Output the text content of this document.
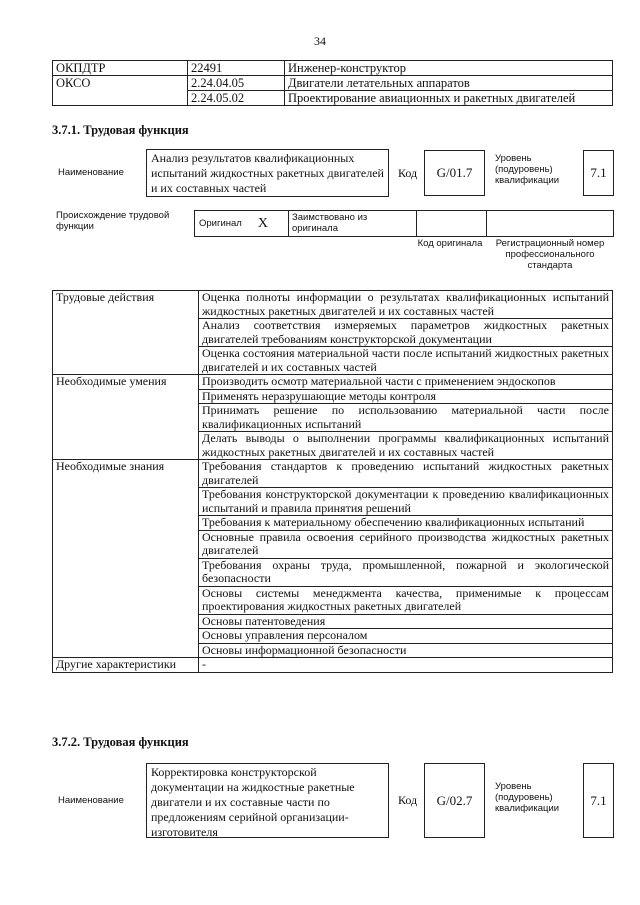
34
ОКПДТР	22491	Инженер-конструктор
ОКСО	2.24.04.05	Двигатели летательных аппаратов
	2.24.05.02	Проектирование авиационных и ракетных двигателей
3.7.1. Трудовая функция
Наименование
Анализ результатов квалификационных испытаний жидкостных ракетных двигателей и их составных частей
Код	G/01.7
Уровень (подуровень) квалификации
7.1
Происхождение трудовой функции	Оригинал X	Заимствовано из оригинала
Код оригинала	Регистрационный номер профессионального стандарта
Трудовые действия	Оценка полноты информации о результатах квалификационных испытаний жидкостных ракетных двигателей и их составных частей
	Анализ соответствия измеряемых параметров жидкостных ракетных двигателей требованиям конструкторской документации
	Оценка состояния материальной части после испытаний жидкостных ракетных двигателей и их составных частей
Необходимые умения	Производить осмотр материальной части с применением эндоскопов
	Применять неразрушающие методы контроля
	Принимать решение по использованию материальной части после квалификационных испытаний
	Делать выводы о выполнении программы квалификационных испытаний жидкостных ракетных двигателей и их составных частей
Необходимые знания	Требования стандартов к проведению испытаний жидкостных ракетных двигателей
	Требования конструкторской документации к проведению квалификационных испытаний и правила принятия решений
	Требования к материальному обеспечению квалификационных испытаний
	Основные правила освоения серийного производства жидкостных ракетных двигателей
	Требования охраны труда, промышленной, пожарной и экологической безопасности
	Основы системы менеджмента качества, применимые к процессам проектирования жидкостных ракетных двигателей
	Основы патентоведения
	Основы управления персоналом
	Основы информационной безопасности
Другие характеристики	-
3.7.2. Трудовая функция
Наименование
Корректировка конструкторской документации на жидкостные ракетные двигатели и их составные части по предложениям серийной организации-изготовителя
Код	G/02.7
Уровень (подуровень) квалификации
7.1
